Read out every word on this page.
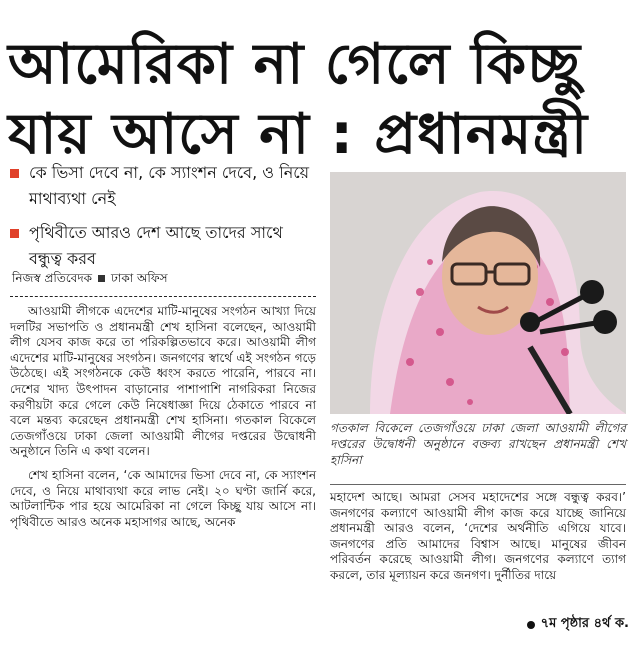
আমেরিকা না গেলে কিচ্ছু যায় আসে না : প্রধানমন্ত্রী
কে ভিসা দেবে না, কে স্যাংশন দেবে, ও নিয়ে মাথাব্যথা নেই
পৃথিবীতে আরও দেশ আছে তাদের সাথে বন্ধুত্ব করব
নিজস্ব প্রতিবেদক ঢাকা অফিস

আওয়ামী লীগকে এদেশের মাটি-মানুষের সংগঠন আখ্যা দিয়ে দলটির সভাপতি ও প্রধানমন্ত্রী শেখ হাসিনা বলেছেন, আওয়ামী লীগ যেসব কাজ করে তা পরিকল্পিতভাবে করে। আওয়ামী লীগ এদেশের মাটি-মানুষের সংগঠন। জনগণের স্বার্থে এই সংগঠন গড়ে উঠেছে। এই সংগঠনকে কেউ ধ্বংস করতে পারেনি, পারবে না। দেশের খাদ্য উৎপাদন বাড়ানোর পাশাপাশি নাগরিকরা নিজের করণীয়টা করে গেলে কেউ নিষেধাজ্ঞা দিয়ে ঠেকাতে পারবে না বলে মন্তব্য করেছেন প্রধানমন্ত্রী শেখ হাসিনা। গতকাল বিকেলে তেজগাঁওয়ে ঢাকা জেলা আওয়ামী লীগের দপ্তরের উদ্বোধনী অনুষ্ঠানে তিনি এ কথা বলেন।

শেখ হাসিনা বলেন, ‘কে আমাদের ভিসা দেবে না, কে স্যাংশন দেবে, ও নিয়ে মাথাব্যথা করে লাভ নেই। ২০ ঘণ্টা জার্নি করে, আটলান্টিক পার হয়ে আমেরিকা না গেলে কিচ্ছু যায় আসে না। পৃথিবীতে আরও অনেক মহাসাগর আছে, অনেক

গতকাল বিকেলে তেজগাঁওয়ে ঢাকা জেলা আওয়ামী লীগের দপ্তরের উদ্বোধনী অনুষ্ঠানে বক্তব্য রাখছেন প্রধানমন্ত্রী শেখ হাসিনা

মহাদেশ আছে। আমরা সেসব মহাদেশের সঙ্গে বন্ধুত্ব করব।’ জনগণের কল্যাণে আওয়ামী লীগ কাজ করে যাচ্ছে জানিয়ে প্রধানমন্ত্রী আরও বলেন, ‘দেশের অর্থনীতি এগিয়ে যাবে। জনগণের প্রতি আমাদের বিশ্বাস আছে। মানুষের জীবন পরিবর্তন করেছে আওয়ামী লীগ। জনগণের কল্যাণে ত্যাগ করলে, তার মূল্যায়ন করে জনগণ। দুর্নীতির দায়ে

৭ম পৃষ্ঠার ৪র্থ ক.
